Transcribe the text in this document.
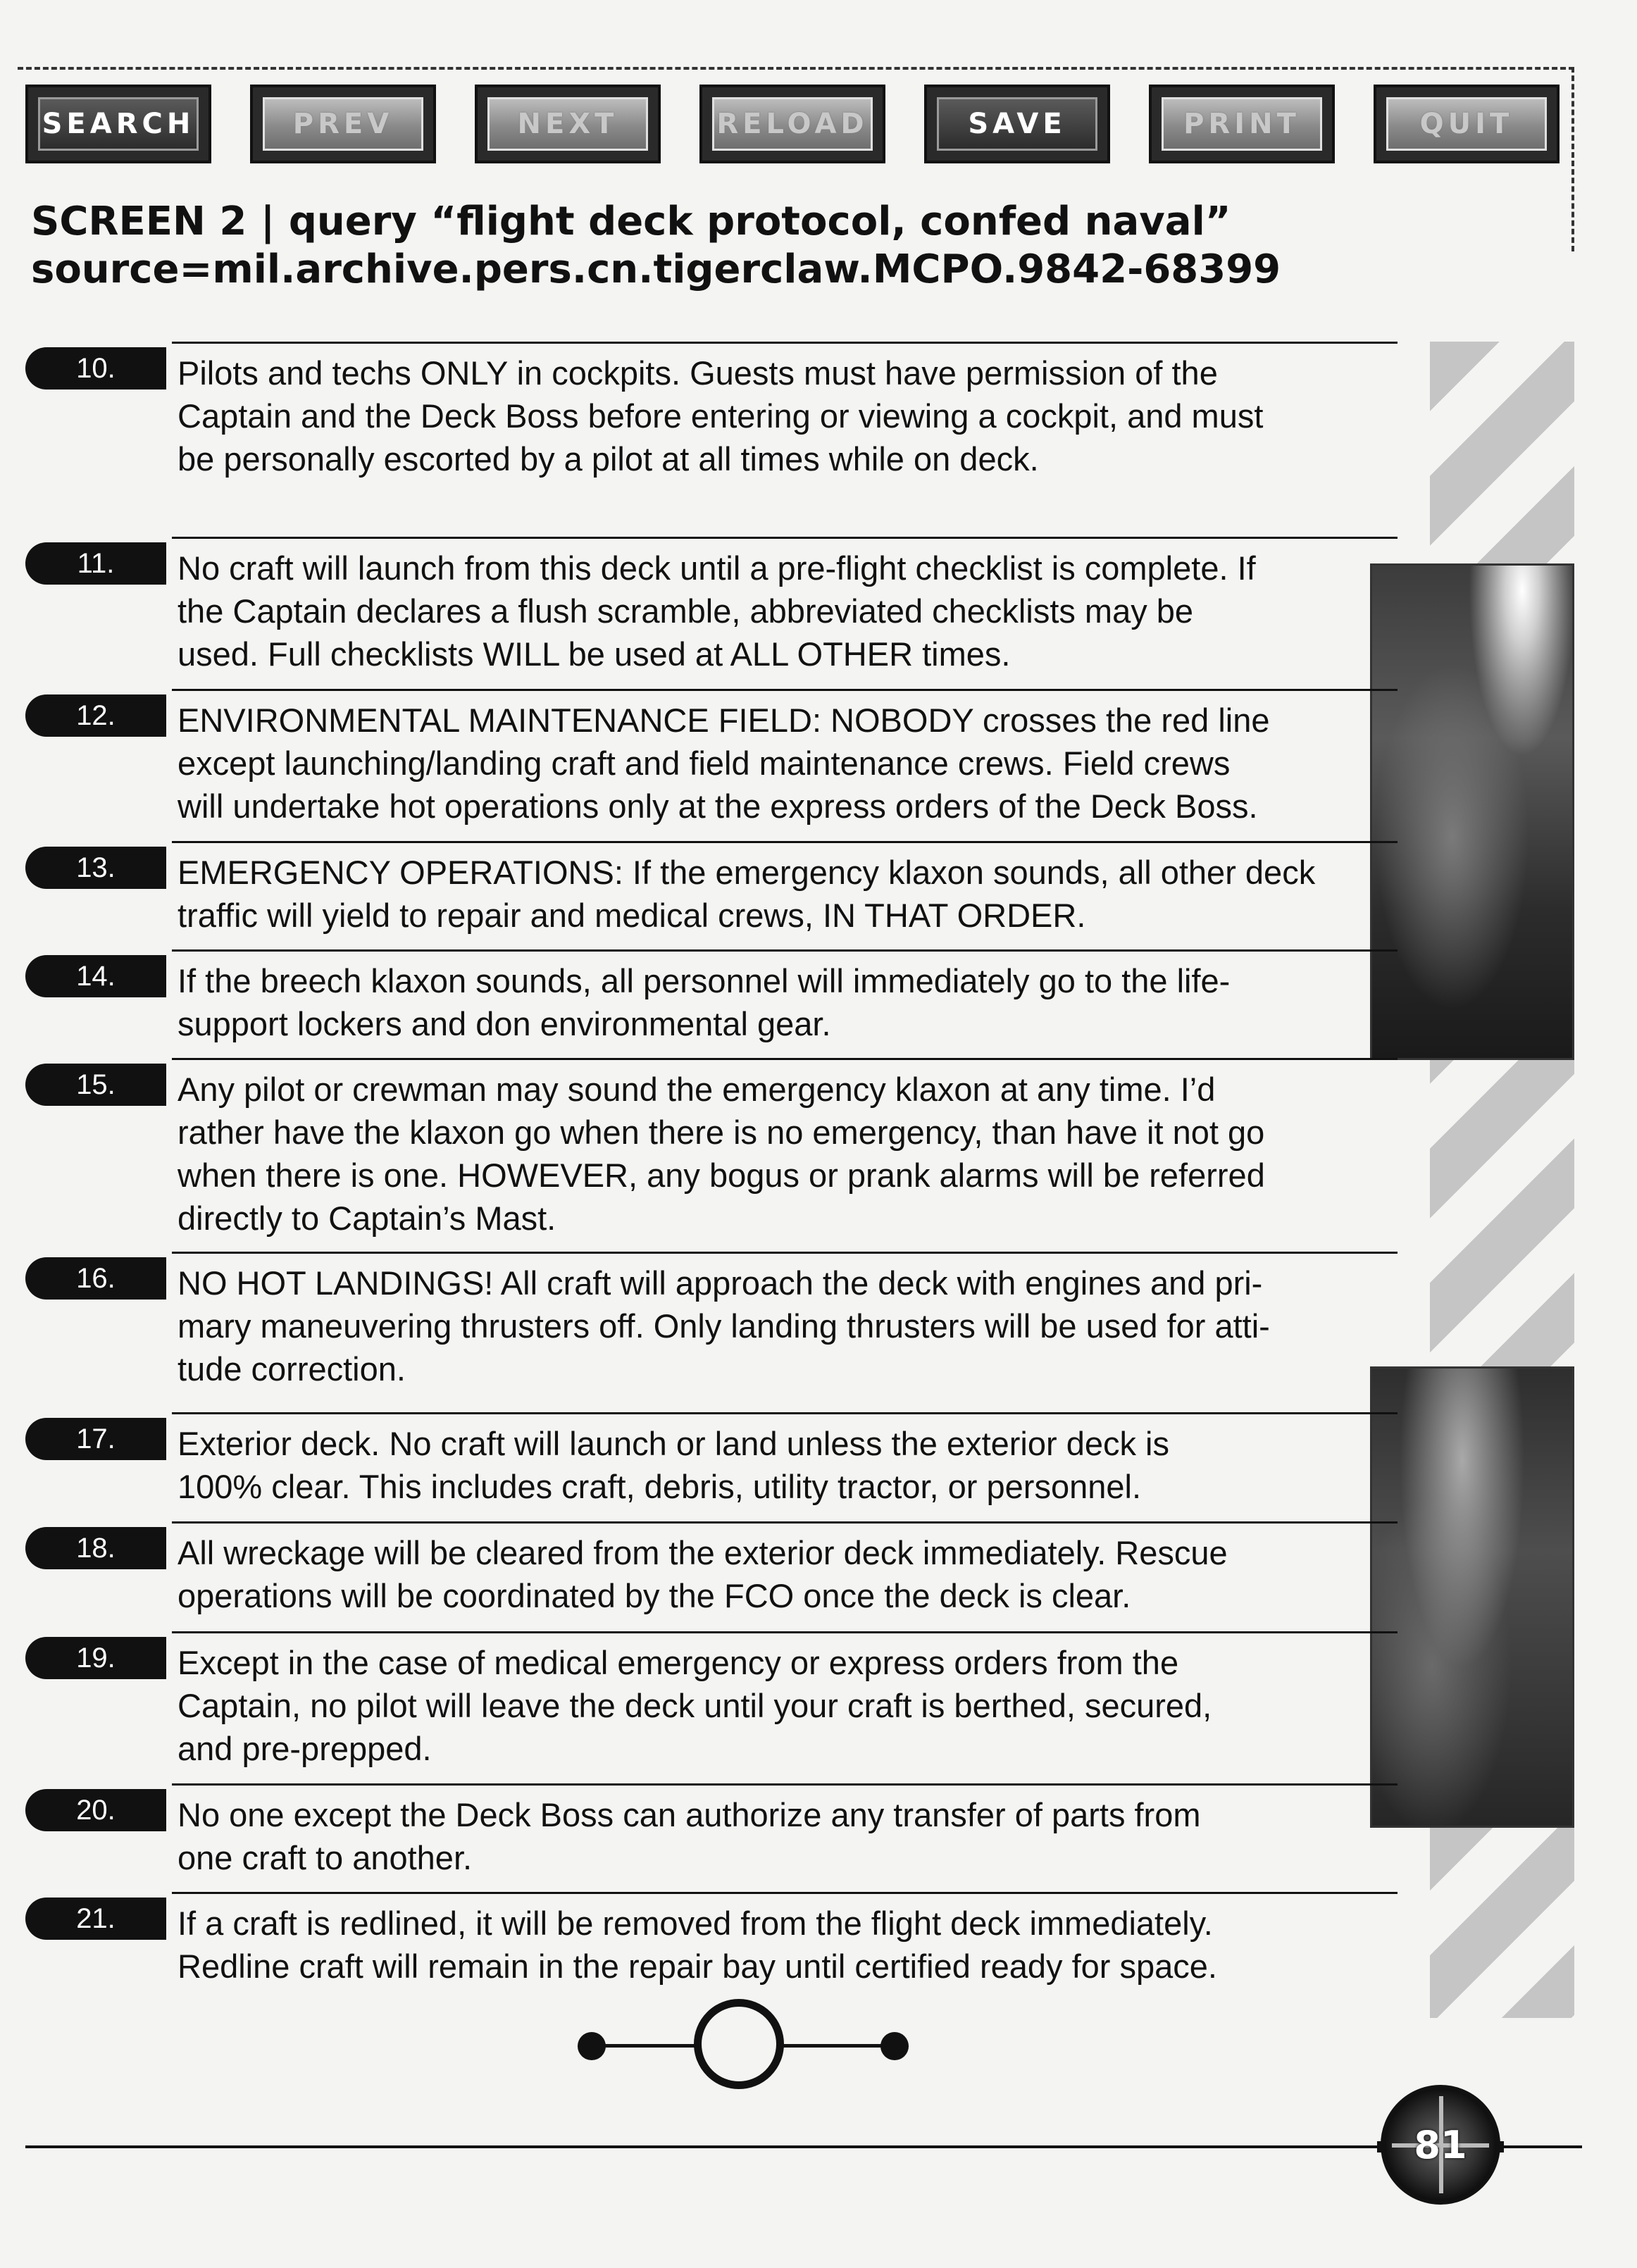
SEARCH	PREV	NEXT	RELOAD	SAVE	PRINT	QUIT
SCREEN 2 | query “flight deck protocol, confed naval”
source=mil.archive.pers.cn.tigerclaw.MCPO.9842-68399
10.	Pilots and techs ONLY in cockpits. Guests must have permission of the
Captain and the Deck Boss before entering or viewing a cockpit, and must
be personally escorted by a pilot at all times while on deck.
11.	No craft will launch from this deck until a pre-flight checklist is complete. If
the Captain declares a flush scramble, abbreviated checklists may be
used. Full checklists WILL be used at ALL OTHER times.
12.	ENVIRONMENTAL MAINTENANCE FIELD: NOBODY crosses the red line
except launching/landing craft and field maintenance crews. Field crews
will undertake hot operations only at the express orders of the Deck Boss.
13.	EMERGENCY OPERATIONS: If the emergency klaxon sounds, all other deck
traffic will yield to repair and medical crews, IN THAT ORDER.
14.	If the breech klaxon sounds, all personnel will immediately go to the life-
support lockers and don environmental gear.
15.	Any pilot or crewman may sound the emergency klaxon at any time. I’d
rather have the klaxon go when there is no emergency, than have it not go
when there is one. HOWEVER, any bogus or prank alarms will be referred
directly to Captain’s Mast.
16.	NO HOT LANDINGS! All craft will approach the deck with engines and pri-
mary maneuvering thrusters off. Only landing thrusters will be used for atti-
tude correction.
17.	Exterior deck. No craft will launch or land unless the exterior deck is
100% clear. This includes craft, debris, utility tractor, or personnel.
18.	All wreckage will be cleared from the exterior deck immediately. Rescue
operations will be coordinated by the FCO once the deck is clear.
19.	Except in the case of medical emergency or express orders from the
Captain, no pilot will leave the deck until your craft is berthed, secured,
and pre-prepped.
20.	No one except the Deck Boss can authorize any transfer of parts from
one craft to another.
21.	If a craft is redlined, it will be removed from the flight deck immediately.
Redline craft will remain in the repair bay until certified ready for space.
81
